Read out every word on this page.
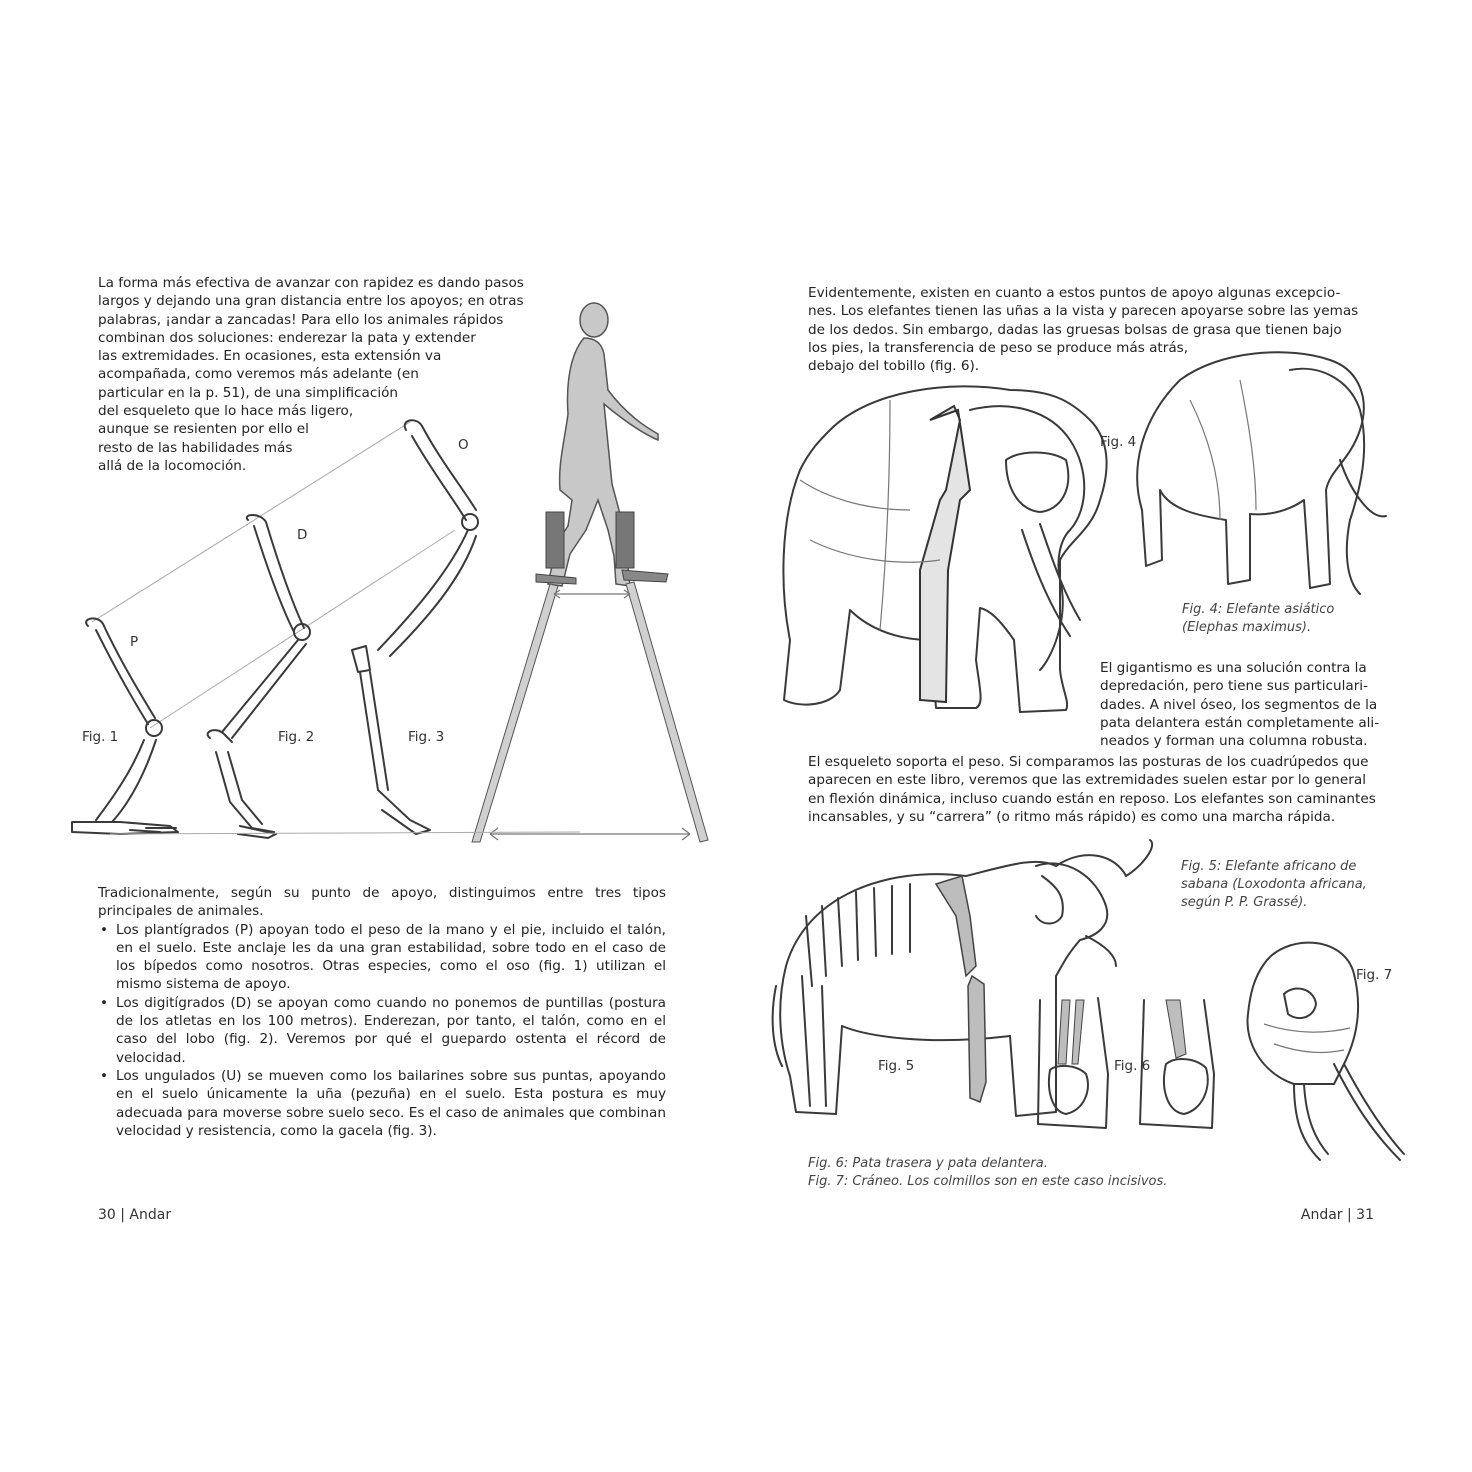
La forma más efectiva de avanzar con rapidez es dando pasos
largos y dejando una gran distancia entre los apoyos; en otras
palabras, ¡andar a zancadas! Para ello los animales rápidos
combinan dos soluciones: enderezar la pata y extender
las extremidades. En ocasiones, esta extensión va
acompañada, como veremos más adelante (en
particular en la p. 51), de una simplificación
del esqueleto que lo hace más ligero,
aunque se resienten por ello el
resto de las habilidades más
allá de la locomoción.
P
D
O
Fig. 1	Fig. 2	Fig. 3

Tradicionalmente, según su punto de apoyo, distinguimos entre tres tipos principales de animales.

• Los plantígrados (P) apoyan todo el peso de la mano y el pie, incluido el talón, en el suelo. Este anclaje les da una gran estabilidad, sobre todo en el caso de los bípedos como nosotros. Otras especies, como el oso (fig. 1) utilizan el mismo sistema de apoyo.
• Los digitígrados (D) se apoyan como cuando no ponemos de puntillas (postura de los atletas en los 100 metros). Enderezan, por tanto, el talón, como en el caso del lobo (fig. 2). Veremos por qué el guepardo ostenta el récord de velocidad.
• Los ungulados (U) se mueven como los bailarines sobre sus puntas, apoyando en el suelo únicamente la uña (pezuña) en el suelo. Esta postura es muy adecuada para moverse sobre suelo seco. Es el caso de animales que combinan velocidad y resistencia, como la gacela (fig. 3).
30 | Andar
Evidentemente, existen en cuanto a estos puntos de apoyo algunas excepcio-
nes. Los elefantes tienen las uñas a la vista y parecen apoyarse sobre las yemas
de los dedos. Sin embargo, dadas las gruesas bolsas de grasa que tienen bajo
los pies, la transferencia de peso se produce más atrás,
debajo del tobillo (fig. 6).
Fig. 4
Fig. 4: Elefante asiático
(Elephas maximus).
El gigantismo es una solución contra la
depredación, pero tiene sus particulari-
dades. A nivel óseo, los segmentos de la
pata delantera están completamente ali-
neados y forman una columna robusta.
El esqueleto soporta el peso. Si comparamos las posturas de los cuadrúpedos que
aparecen en este libro, veremos que las extremidades suelen estar por lo general
en flexión dinámica, incluso cuando están en reposo. Los elefantes son caminantes
incansables, y su “carrera” (o ritmo más rápido) es como una marcha rápida.
Fig. 5: Elefante africano de
sabana (Loxodonta africana,
según P. P. Grassé).
Fig. 5	Fig. 6
Fig. 7
Fig. 6: Pata trasera y pata delantera.
Fig. 7: Cráneo. Los colmillos son en este caso incisivos.
Andar | 31
